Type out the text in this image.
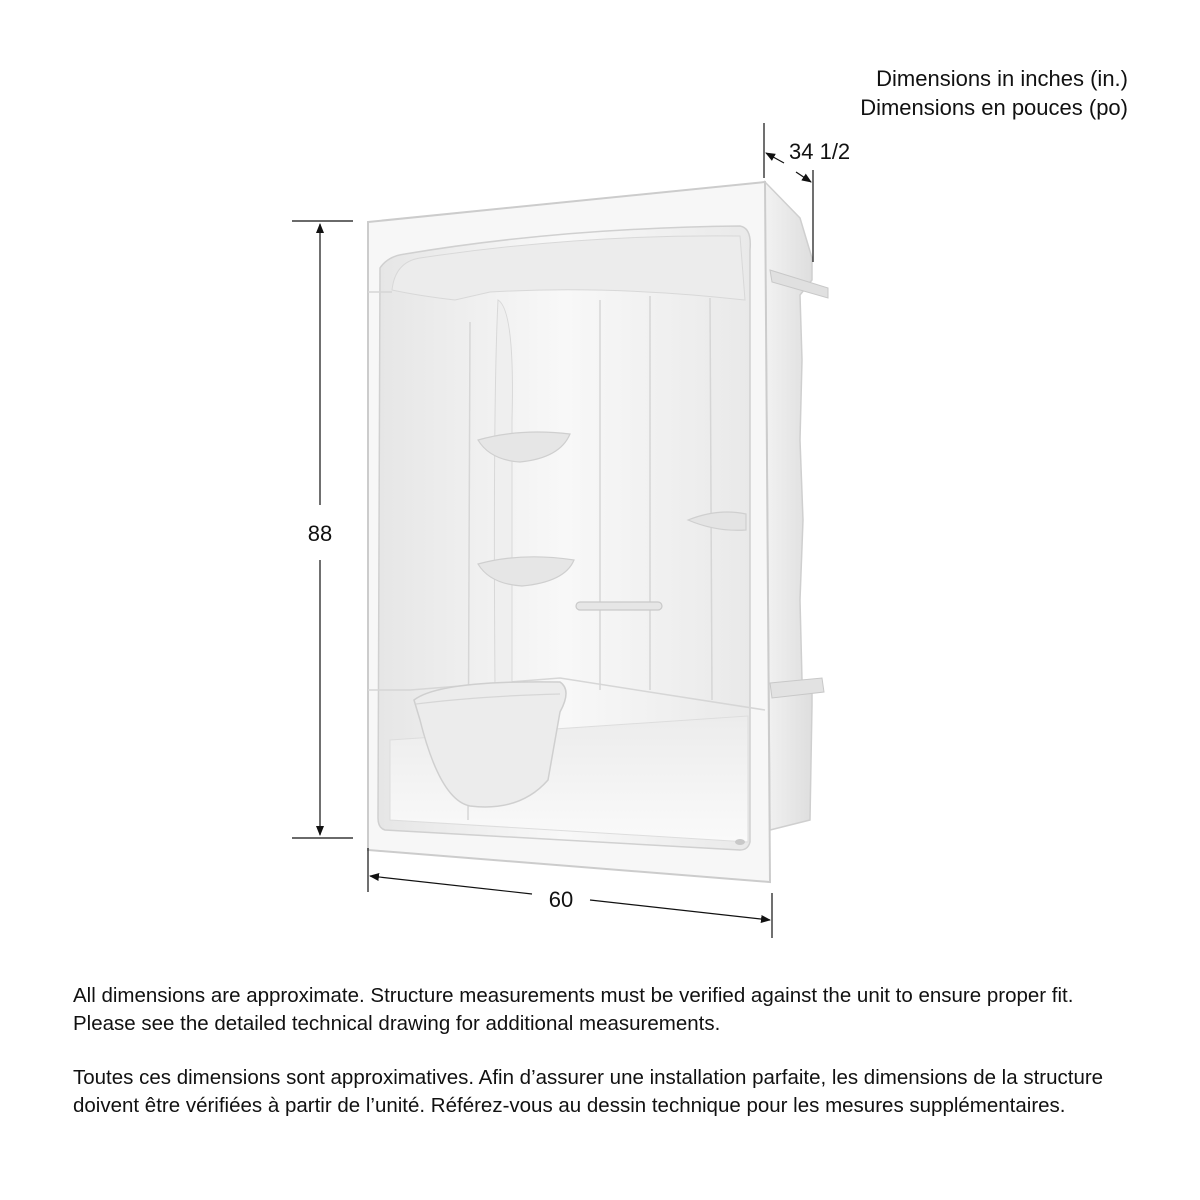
Dimensions in inches (in.)
Dimensions en pouces (po)
88
60
34 1/2
All dimensions are approximate. Structure measurements must be verified against the unit to ensure proper fit. Please see the detailed technical drawing for additional measurements.
Toutes ces dimensions sont approximatives. Afin d’assurer une installation parfaite, les dimensions de la structure doivent être vérifiées à partir de l’unité. Référez-vous au dessin technique pour les mesures supplémentaires.
